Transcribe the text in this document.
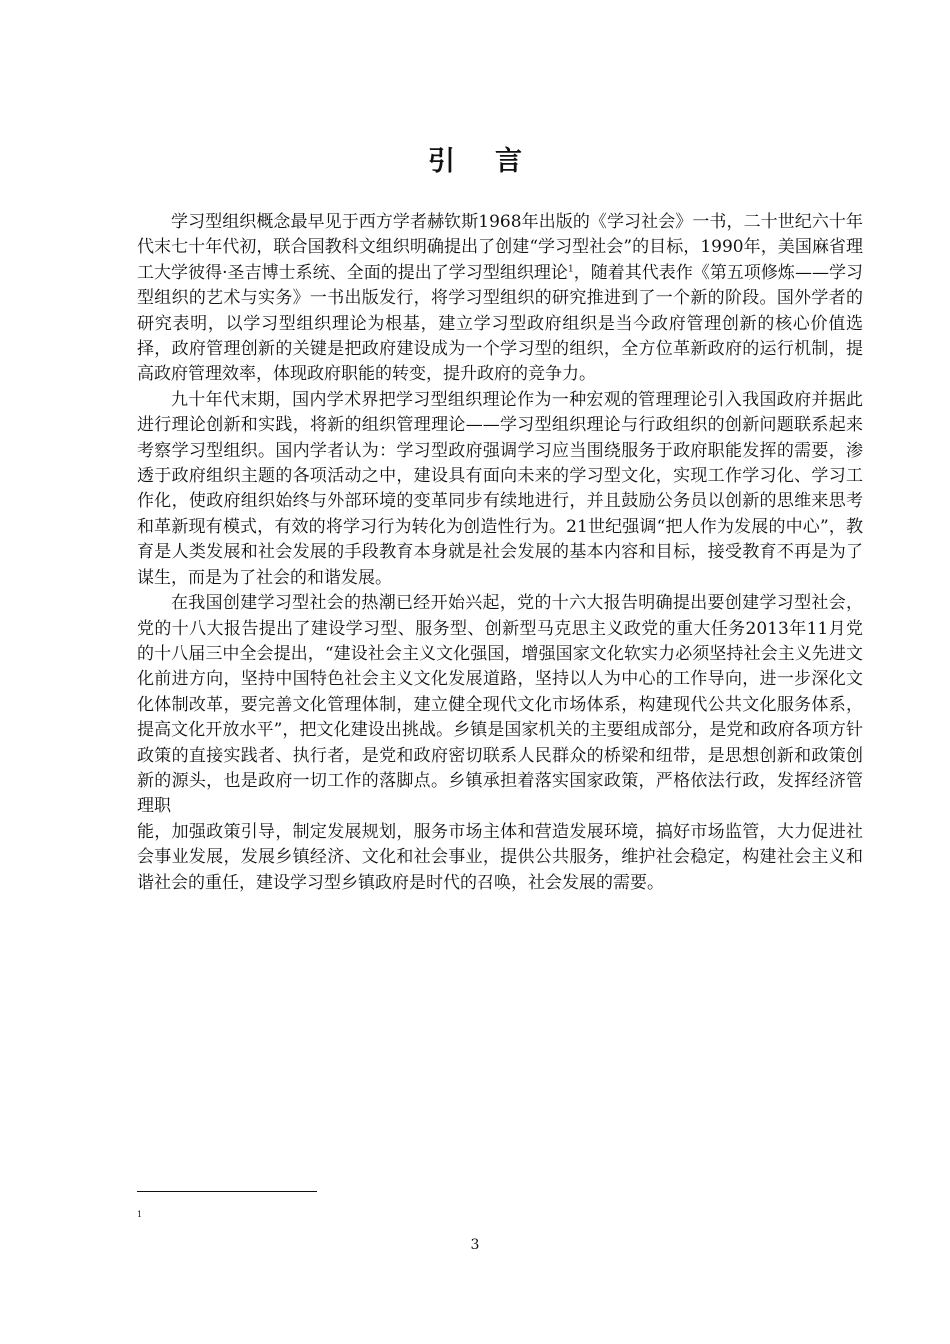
引言

学习型组织概念最早见于西方学者赫钦斯1968年出版的《学习社会》一书，二十世纪六十年代末七十年代初，联合国教科文组织明确提出了创建“学习型社会”的目标，1990年，美国麻省理工大学彼得·圣吉博士系统、全面的提出了学习型组织理论$^1$，随着其代表作《第五项修炼——学习型组织的艺术与实务》一书出版发行，将学习型组织的研究推进到了一个新的阶段。国外学者的研究表明，以学习型组织理论为根基，建立学习型政府组织是当今政府管理创新的核心价值选择，政府管理创新的关键是把政府建设成为一个学习型的组织，全方位革新政府的运行机制，提高政府管理效率，体现政府职能的转变，提升政府的竞争力。

九十年代末期，国内学术界把学习型组织理论作为一种宏观的管理理论引入我国政府并据此进行理论创新和实践，将新的组织管理理论——学习型组织理论与行政组织的创新问题联系起来考察学习型组织。国内学者认为：学习型政府强调学习应当围绕服务于政府职能发挥的需要，渗透于政府组织主题的各项活动之中，建设具有面向未来的学习型文化，实现工作学习化、学习工作化，使政府组织始终与外部环境的变革同步有续地进行，并且鼓励公务员以创新的思维来思考和革新现有模式，有效的将学习行为转化为创造性行为。21世纪强调“把人作为发展的中心”，教育是人类发展和社会发展的手段教育本身就是社会发展的基本内容和目标，接受教育不再是为了谋生，而是为了社会的和谐发展。

在我国创建学习型社会的热潮已经开始兴起，党的十六大报告明确提出要创建学习型社会，党的十八大报告提出了建设学习型、服务型、创新型马克思主义政党的重大任务2013年11月党的十八届三中全会提出，“建设社会主义文化强国，增强国家文化软实力必须坚持社会主义先进文化前进方向，坚持中国特色社会主义文化发展道路，坚持以人为中心的工作导向，进一步深化文化体制改革，要完善文化管理体制，建立健全现代文化市场体系，构建现代公共文化服务体系，提高文化开放水平”，把文化建设出挑战。乡镇是国家机关的主要组成部分，是党和政府各项方针政策的直接实践者、执行者，是党和政府密切联系人民群众的桥梁和纽带，是思想创新和政策创新的源头，也是政府一切工作的落脚点。乡镇承担着落实国家政策，严格依法行政，发挥经济管理职

能，加强政策引导，制定发展规划，服务市场主体和营造发展环境，搞好市场监管，大力促进社会事业发展，发展乡镇经济、文化和社会事业，提供公共服务，维护社会稳定，构建社会主义和谐社会的重任，建设学习型乡镇政府是时代的召唤，社会发展的需要。

1
3
